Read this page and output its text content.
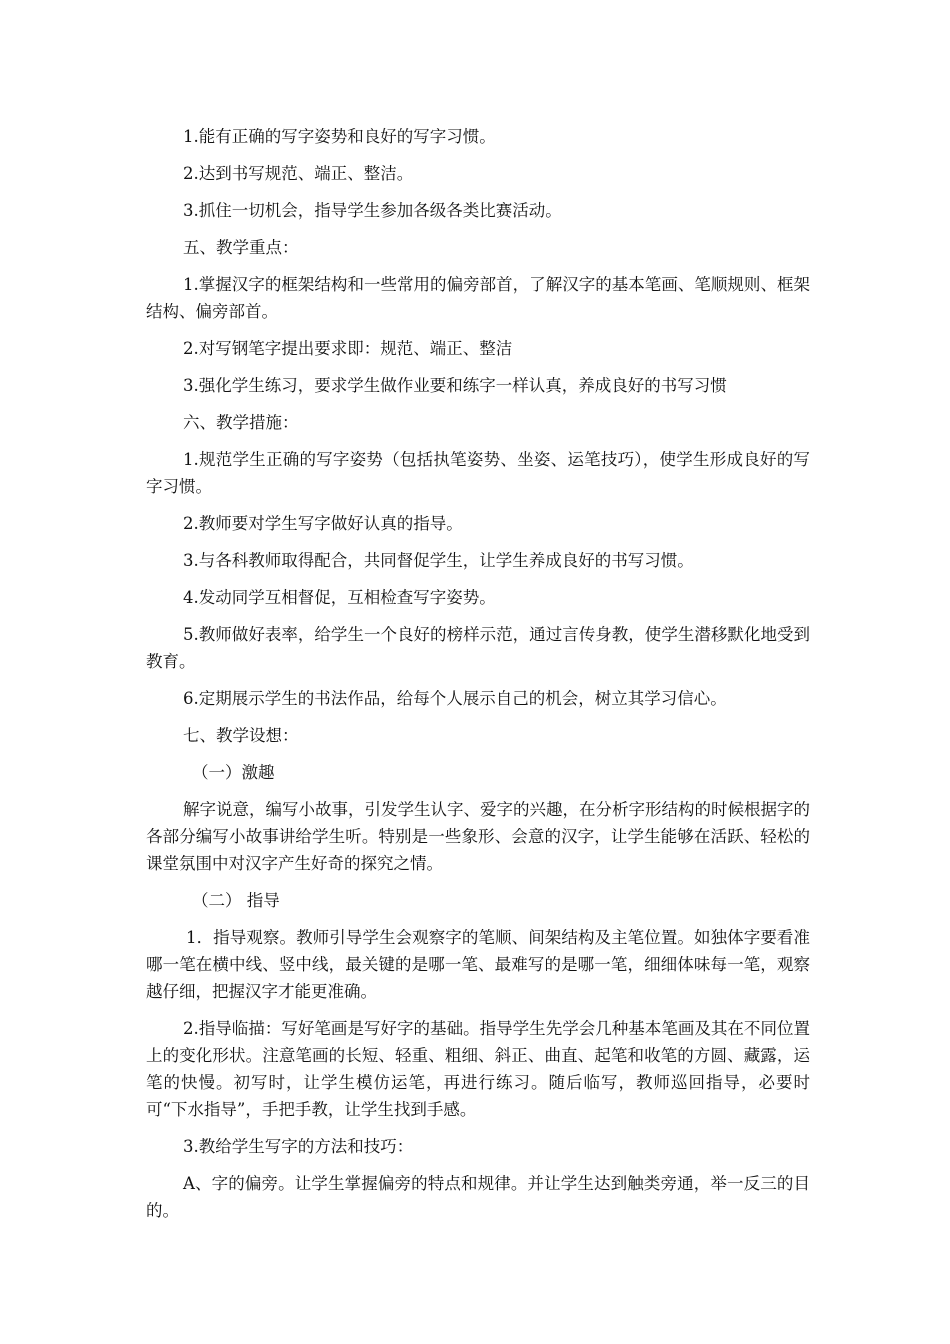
1.能有正确的写字姿势和良好的写字习惯。

2.达到书写规范、端正、整洁。

3.抓住一切机会，指导学生参加各级各类比赛活动。

五、教学重点：

1.掌握汉字的框架结构和一些常用的偏旁部首，了解汉字的基本笔画、笔顺规则、框架结构、偏旁部首。

2.对写钢笔字提出要求即：规范、端正、整洁

3.强化学生练习，要求学生做作业要和练字一样认真，养成良好的书写习惯

六、教学措施：

1.规范学生正确的写字姿势（包括执笔姿势、坐姿、运笔技巧），使学生形成良好的写字习惯。

2.教师要对学生写字做好认真的指导。

3.与各科教师取得配合，共同督促学生，让学生养成良好的书写习惯。

4.发动同学互相督促，互相检查写字姿势。

5.教师做好表率，给学生一个良好的榜样示范，通过言传身教，使学生潜移默化地受到教育。

6.定期展示学生的书法作品，给每个人展示自己的机会，树立其学习信心。

七、教学设想：

（一）激趣

解字说意，编写小故事，引发学生认字、爱字的兴趣，在分析字形结构的时候根据字的各部分编写小故事讲给学生听。特别是一些象形、会意的汉字，让学生能够在活跃、轻松的课堂氛围中对汉字产生好奇的探究之情。

（二） 指导

1．指导观察。教师引导学生会观察字的笔顺、间架结构及主笔位置。如独体字要看准哪一笔在横中线、竖中线，最关键的是哪一笔、最难写的是哪一笔，细细体味每一笔，观察越仔细，把握汉字才能更准确。

2.指导临描：写好笔画是写好字的基础。指导学生先学会几种基本笔画及其在不同位置上的变化形状。注意笔画的长短、轻重、粗细、斜正、曲直、起笔和收笔的方圆、藏露，运笔的快慢。初写时，让学生模仿运笔，再进行练习。随后临写，教师巡回指导，必要时可“下水指导”，手把手教，让学生找到手感。

3.教给学生写字的方法和技巧：

A、字的偏旁。让学生掌握偏旁的特点和规律。并让学生达到触类旁通，举一反三的目的。
